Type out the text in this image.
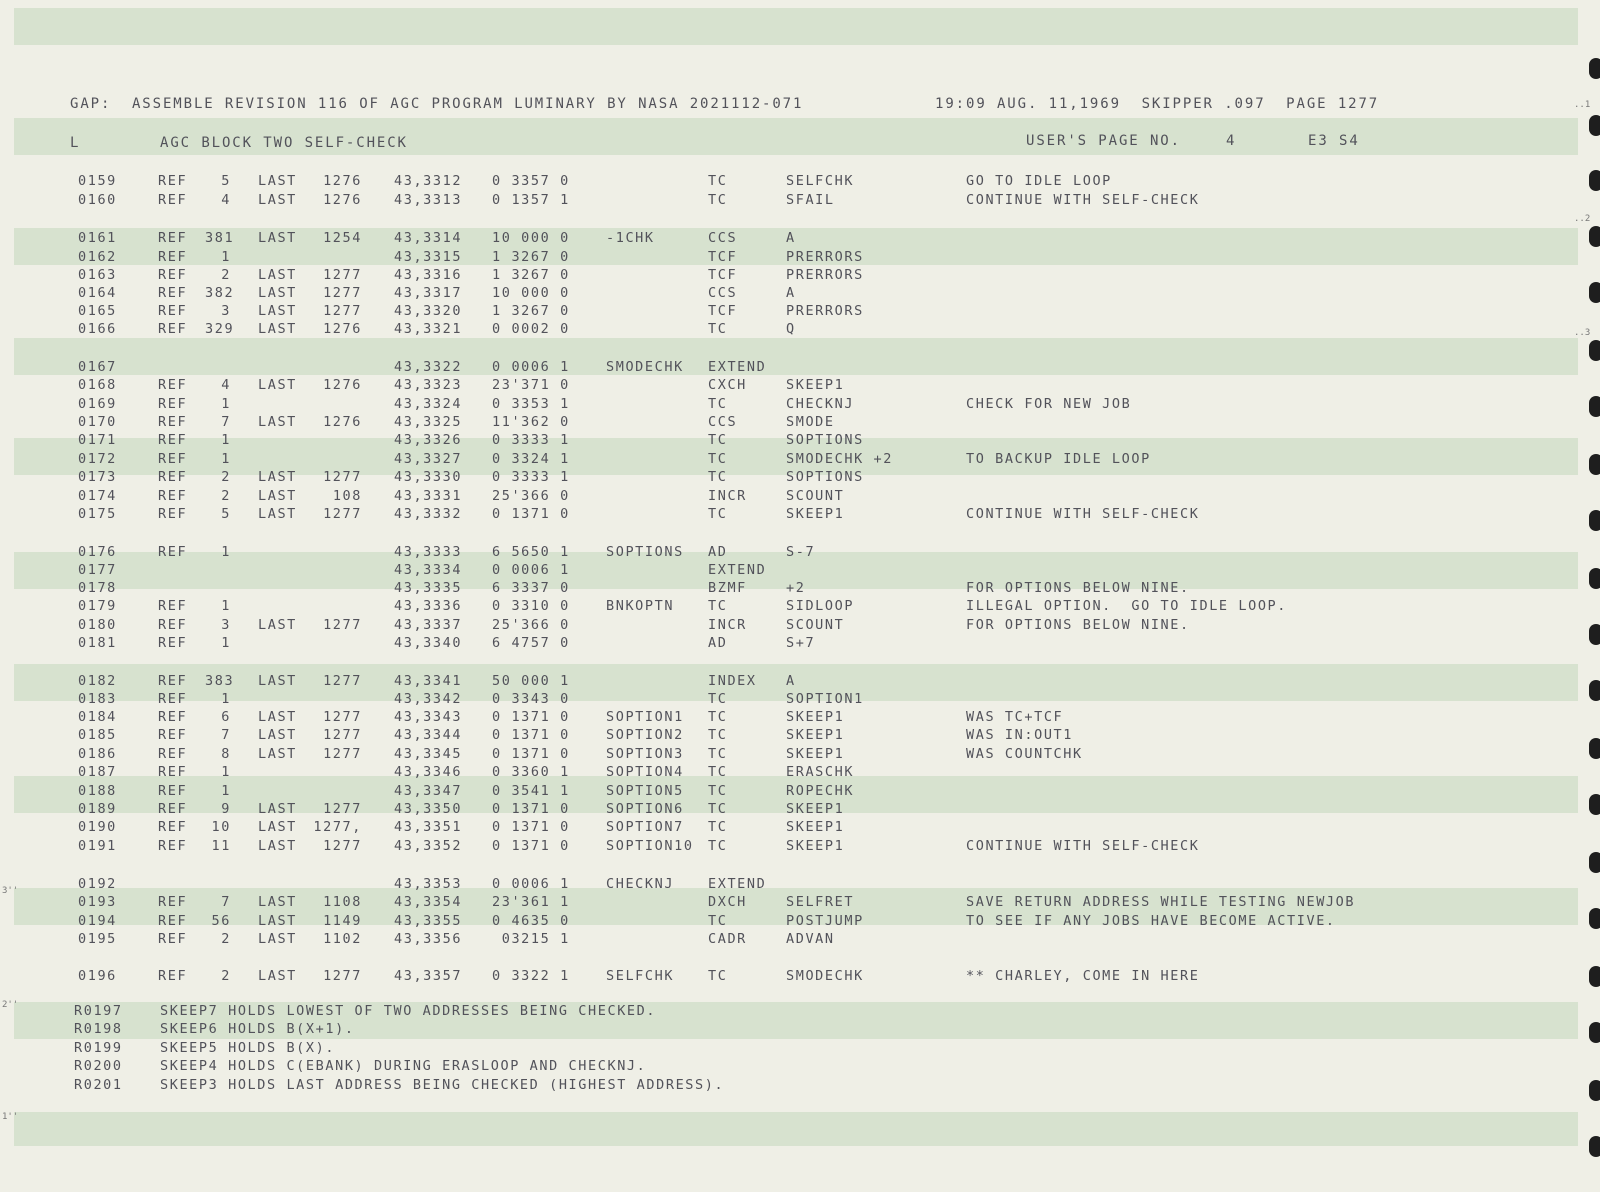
GAP:  ASSEMBLE REVISION 116 OF AGC PROGRAM LUMINARY BY NASA 2021112-071	19:09 AUG. 11,1969  SKIPPER .097  PAGE 1277
L	AGC BLOCK TWO SELF-CHECK	USER'S PAGE NO.	4	E3 S4
0159	REF	5 LAST	1276 43,3312 0 3357 0	TC	SELFCHK	GO TO IDLE LOOP
0160	REF	4 LAST	1276 43,3313 0 1357 1	TC	SFAIL	CONTINUE WITH SELF-CHECK
0161	REF 381 LAST	1254 43,3314 10 000 0	-1CHK	CCS	A
0162	REF	1	43,3315 1 3267 0	TCF	PRERRORS
0163	REF	2 LAST	1277 43,3316 1 3267 0	TCF	PRERRORS
0164	REF 382 LAST	1277 43,3317 10 000 0	CCS	A
0165	REF	3 LAST	1277 43,3320 1 3267 0	TCF	PRERRORS
0166	REF 329 LAST	1276 43,3321 0 0002 0	TC	Q
0167	43,3322 0 0006 1	SMODECHK EXTEND
0168	REF	4 LAST	1276 43,3323 23'371 0	CXCH	SKEEP1
0169	REF	1	43,3324 0 3353 1	TC	CHECKNJ	CHECK FOR NEW JOB
0170	REF	7 LAST	1276 43,3325 11'362 0	CCS	SMODE
0171	REF	1	43,3326 0 3333 1	TC	SOPTIONS
0172	REF	1	43,3327 0 3324 1	TC	SMODECHK +2	TO BACKUP IDLE LOOP
0173	REF	2 LAST	1277 43,3330 0 3333 1	TC	SOPTIONS
0174	REF	2 LAST	108 43,3331 25'366 0	INCR	SCOUNT
0175	REF	5 LAST	1277 43,3332 0 1371 0	TC	SKEEP1	CONTINUE WITH SELF-CHECK
0176	REF	1	43,3333 6 5650 1	SOPTIONS AD	S-7
0177	43,3334 0 0006 1	EXTEND
0178	43,3335 6 3337 0	BZMF	+2	FOR OPTIONS BELOW NINE.
0179	REF	1	43,3336 0 3310 0	BNKOPTN	TC	SIDLOOP	ILLEGAL OPTION.  GO TO IDLE LOOP.
0180	REF	3 LAST	1277 43,3337 25'366 0	INCR	SCOUNT	FOR OPTIONS BELOW NINE.
0181	REF	1	43,3340 6 4757 0	AD	S+7
0182	REF 383 LAST	1277 43,3341 50 000 1	INDEX A
0183	REF	1	43,3342 0 3343 0	TC	SOPTION1
0184	REF	6 LAST	1277 43,3343 0 1371 0	SOPTION1 TC	SKEEP1	WAS TC+TCF
0185	REF	7 LAST	1277 43,3344 0 1371 0	SOPTION2 TC	SKEEP1	WAS IN:OUT1
0186	REF	8 LAST	1277 43,3345 0 1371 0	SOPTION3 TC	SKEEP1	WAS COUNTCHK
0187	REF	1	43,3346 0 3360 1	SOPTION4 TC	ERASCHK
0188	REF	1	43,3347 0 3541 1	SOPTION5 TC	ROPECHK
0189	REF	9 LAST	1277 43,3350 0 1371 0	SOPTION6 TC	SKEEP1
0190	REF	10 LAST	1277, 43,3351 0 1371 0	SOPTION7 TC	SKEEP1
0191	REF	11 LAST	1277 43,3352 0 1371 0	SOPTION10 TC	SKEEP1	CONTINUE WITH SELF-CHECK
0192	43,3353 0 0006 1	CHECKNJ	EXTEND
0193	REF	7 LAST	1108 43,3354 23'361 1	DXCH	SELFRET	SAVE RETURN ADDRESS WHILE TESTING NEWJOB
0194	REF	56 LAST	1149 43,3355 0 4635 0	TC	POSTJUMP	TO SEE IF ANY JOBS HAVE BECOME ACTIVE.
0195	REF	2 LAST	1102 43,3356 03215 1	CADR	ADVAN
0196	REF	2 LAST	1277 43,3357 0 3322 1	SELFCHK	TC	SMODECHK	** CHARLEY, COME IN HERE
R0197	SKEEP7 HOLDS LOWEST OF TWO ADDRESSES BEING CHECKED.
R0198	SKEEP6 HOLDS B(X+1).
R0199	SKEEP5 HOLDS B(X).
R0200	SKEEP4 HOLDS C(EBANK) DURING ERASLOOP AND CHECKNJ.
R0201	SKEEP3 HOLDS LAST ADDRESS BEING CHECKED (HIGHEST ADDRESS).
..1
..2
..3
3''
2''
1''
